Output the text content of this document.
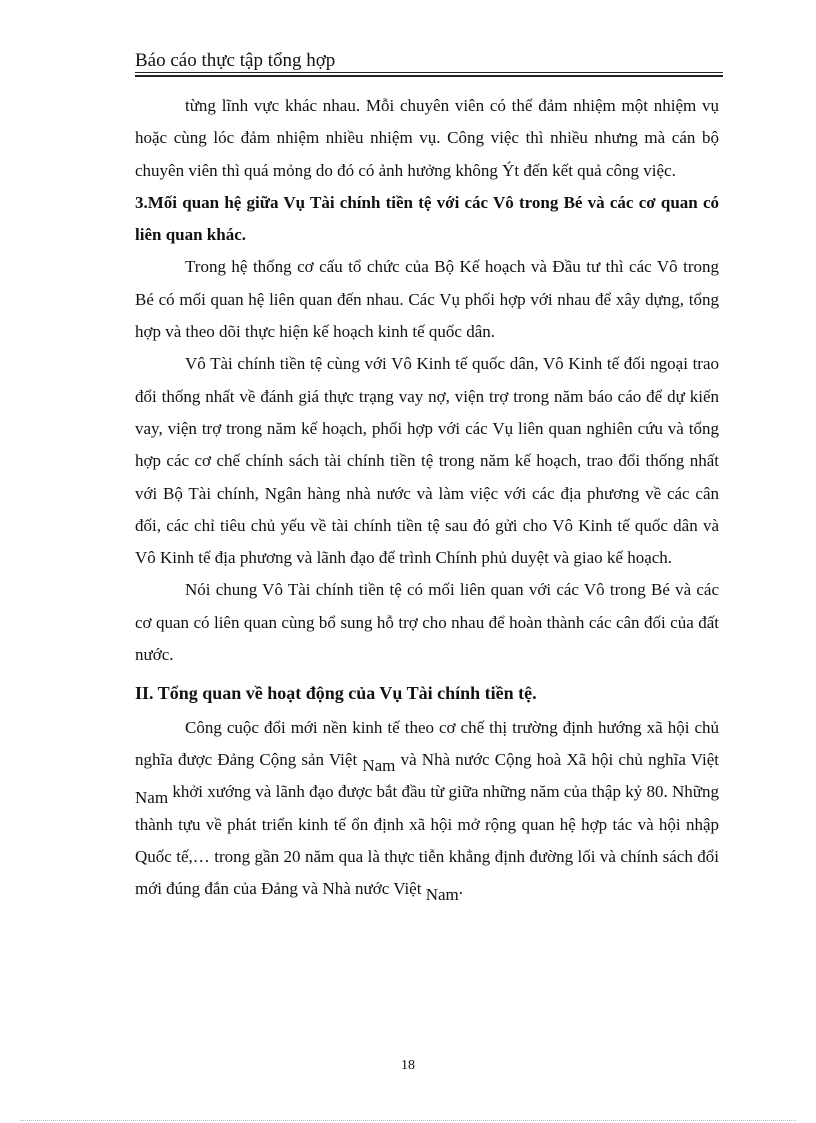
Báo cáo thực tập tổng hợp

từng lĩnh vực khác nhau. Mỗi chuyên viên có thể đảm nhiệm một nhiệm vụ hoặc cùng lóc đảm nhiệm nhiều nhiệm vụ. Công việc thì nhiều nhưng mà cán bộ chuyên viên thì quá mỏng do đó có ảnh hưởng không Ýt đến kết quả công việc.

3.Mối quan hệ giữa Vụ Tài chính tiền tệ với các Vô trong Bé và các cơ quan có liên quan khác.

Trong hệ thống cơ cấu tổ chức của Bộ Kế hoạch và Đầu tư thì các Vô trong Bé có mối quan hệ liên quan đến nhau. Các Vụ phối hợp với nhau để xây dựng, tổng hợp và theo dõi thực hiện kế hoạch kinh tế quốc dân.

Vô Tài chính tiền tệ cùng với Vô Kinh tế quốc dân, Vô Kinh tế đối ngoại trao đổi thống nhất về đánh giá thực trạng vay nợ, viện trợ trong năm báo cáo để dự kiến vay, viện trợ trong năm kế hoạch, phối hợp với các Vụ liên quan nghiên cứu và tổng hợp các cơ chế chính sách tài chính tiền tệ trong năm kế hoạch, trao đổi thống nhất với Bộ Tài chính, Ngân hàng nhà nước và làm việc với các địa phương về các cân đối, các chỉ tiêu chủ yếu về tài chính tiền tệ sau đó gửi cho Vô Kinh tế quốc dân và Vô Kinh tế địa phương và lãnh đạo để trình Chính phủ duyệt và giao kế hoạch.

Nói chung Vô Tài chính tiền tệ có mối liên quan với các Vô trong Bé và các cơ quan có liên quan cùng bổ sung hỗ trợ cho nhau để hoàn thành các cân đối của đất nước.

II. Tổng quan về hoạt động của Vụ Tài chính tiền tệ.

Công cuộc đổi mới nền kinh tế theo cơ chế thị trường định hướng xã hội chủ nghĩa được Đảng Cộng sản Việt Nam và Nhà nước Cộng hoà Xã hội chủ nghĩa Việt Nam khởi xướng và lãnh đạo được bắt đầu từ giữa những năm của thập kỷ 80. Những thành tựu về phát triển kinh tế ổn định xã hội mở rộng quan hệ hợp tác và hội nhập Quốc tế,… trong gần 20 năm qua là thực tiễn khẳng định đường lối và chính sách đổi mới đúng đắn của Đảng và Nhà nước Việt Nam.

18
